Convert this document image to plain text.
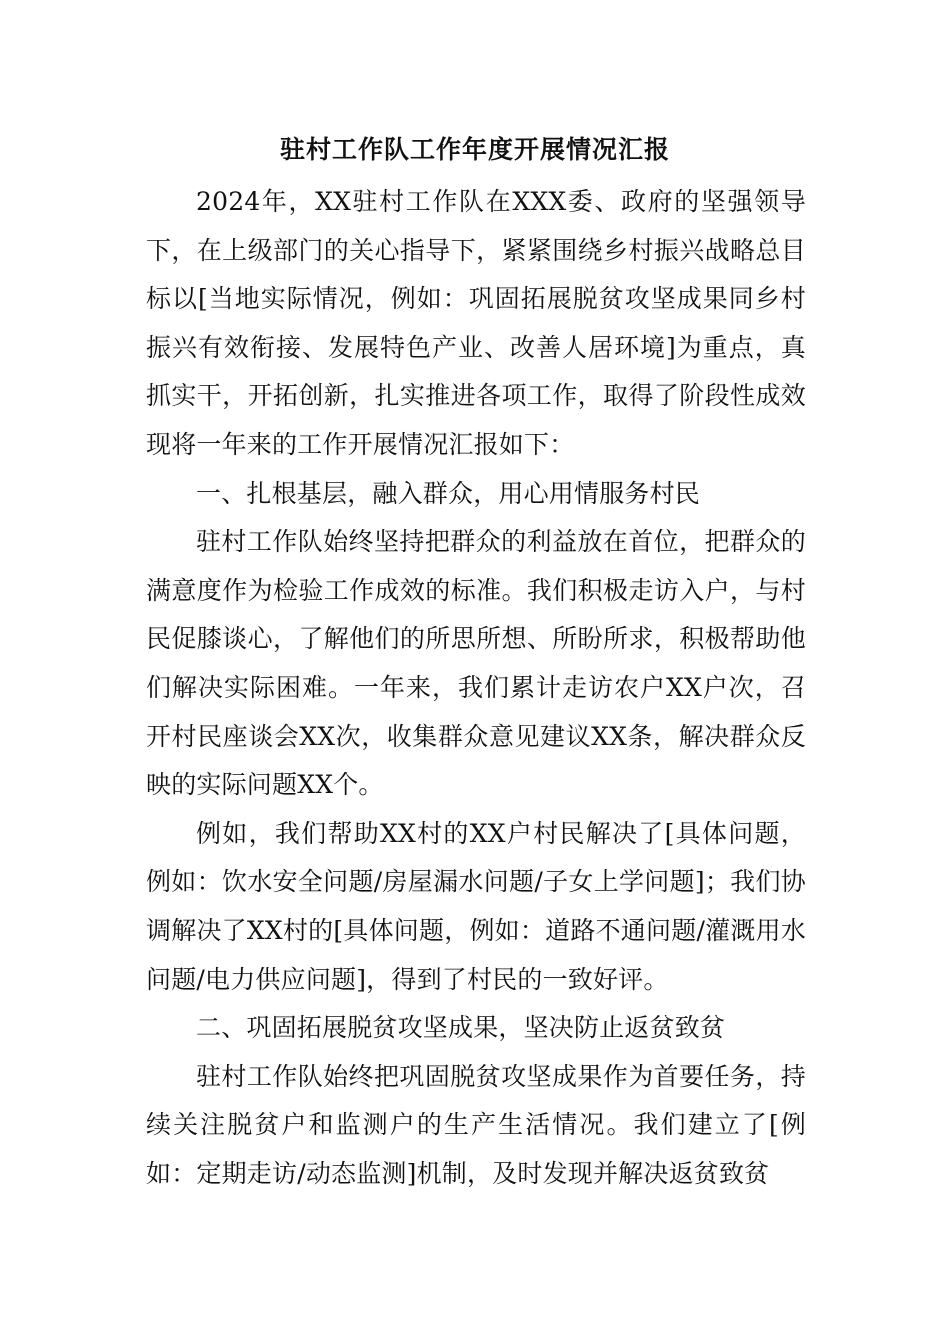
驻村工作队工作年度开展情况汇报

2024年，XX驻村工作队在XXX委、政府的坚强领导下，在上级部门的关心指导下，紧紧围绕乡村振兴战略总目标以[当地实际情况，例如：巩固拓展脱贫攻坚成果同乡村振兴有效衔接、发展特色产业、改善人居环境]为重点，真抓实干，开拓创新，扎实推进各项工作，取得了阶段性成效现将一年来的工作开展情况汇报如下：

一、扎根基层，融入群众，用心用情服务村民

驻村工作队始终坚持把群众的利益放在首位，把群众的满意度作为检验工作成效的标准。我们积极走访入户，与村民促膝谈心，了解他们的所思所想、所盼所求，积极帮助他们解决实际困难。一年来，我们累计走访农户XX户次，召开村民座谈会XX次，收集群众意见建议XX条，解决群众反映的实际问题XX个。

例如，我们帮助XX村的XX户村民解决了[具体问题，例如：饮水安全问题/房屋漏水问题/子女上学问题]；我们协调解决了XX村的[具体问题，例如：道路不通问题/灌溉用水问题/电力供应问题]，得到了村民的一致好评。

二、巩固拓展脱贫攻坚成果，坚决防止返贫致贫

驻村工作队始终把巩固脱贫攻坚成果作为首要任务，持续关注脱贫户和监测户的生产生活情况。我们建立了[例如：定期走访/动态监测]机制，及时发现并解决返贫致贫
